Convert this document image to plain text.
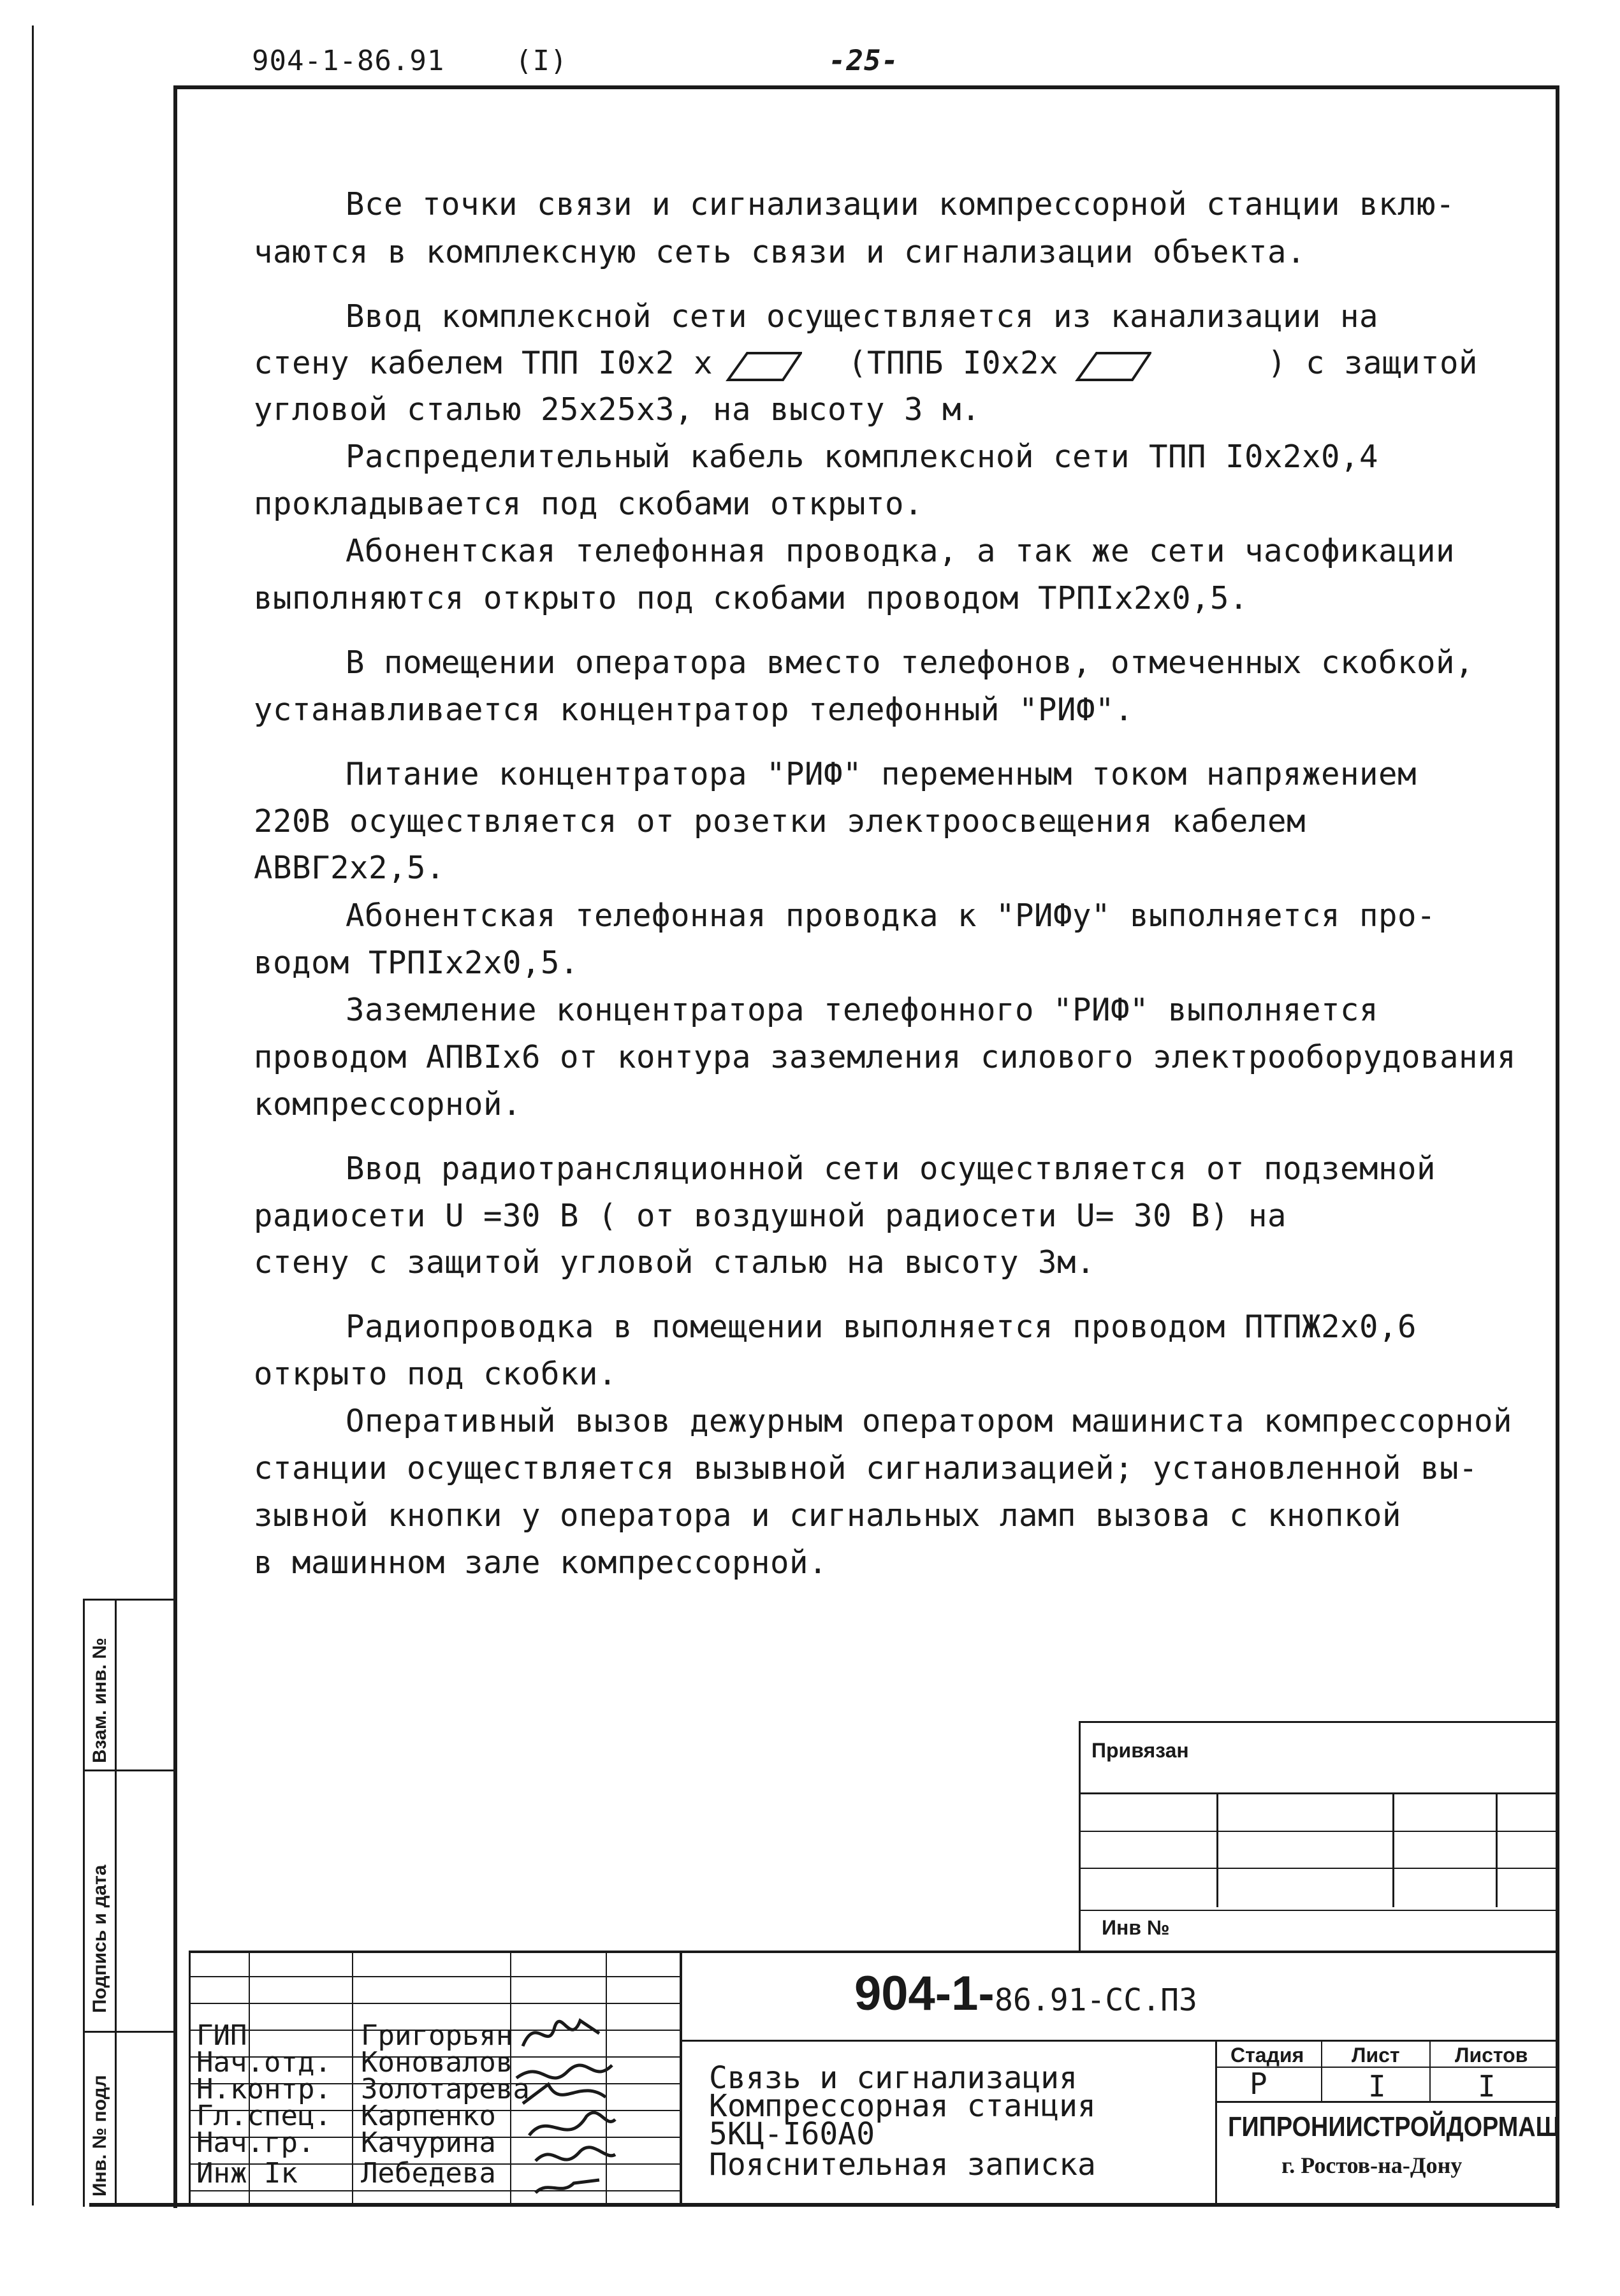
904-1-86.91	(I)	-25-
Все точки связи и сигнализации компрессорной станции вклю-
чаются в комплексную сеть связи и сигнализации объекта.
Ввод комплексной сети осуществляется из канализации на
стену кабелем ТПП I0х2 х	(ТППБ I0х2х	) с защитой
угловой сталью 25х25х3, на высоту 3 м.
Распределительный кабель комплексной сети ТПП I0х2х0,4
прокладывается под скобами открыто.
Абонентская телефонная проводка, а так же сети часофикации
выполняются открыто под скобами проводом ТРПIх2х0,5.
В помещении оператора вместо телефонов, отмеченных скобкой,
устанавливается концентратор телефонный "РИФ".
Питание концентратора "РИФ" переменным током напряжением
220В осуществляется от розетки электроосвещения кабелем
АВВГ2х2,5.
Абонентская телефонная проводка к "РИФу" выполняется про-
водом ТРПIх2х0,5.
Заземление концентратора телефонного "РИФ" выполняется
проводом АПВIх6 от контура заземления силового электрооборудования
компрессорной.
Ввод радиотрансляционной сети осуществляется от подземной
радиосети U =30 В ( от воздушной радиосети U= 30 В) на
стену с защитой угловой сталью на высоту 3м.
Радиопроводка в помещении выполняется проводом ПТПЖ2х0,6
открыто под скобки.
Оперативный вызов дежурным оператором машиниста компрессорной
станции осуществляется вызывной сигнализацией; установленной вы-
зывной кнопки у оператора и сигнальных ламп вызова с кнопкой
в машинном зале компрессорной.
Взам. инв. №
Подпись и дата
Инв. № подл
Привязан
Инв №
ГИП	Григорьян
Нач.отд. Коновалов
Н.контр. Золотарева
Гл.спец. Карпенко
Нач.гр. Качурина
Инж Iк Лебедева
904-1- 86.91-СС.ПЗ
Связь и сигнализация
Компрессорная станция
5КЦ-I60А0
Пояснительная записка
Стадия Лист	Листов
Р	I	I
ГИПРОНИИСТРОЙДОРМАШ
г. Ростов-на-Дону
